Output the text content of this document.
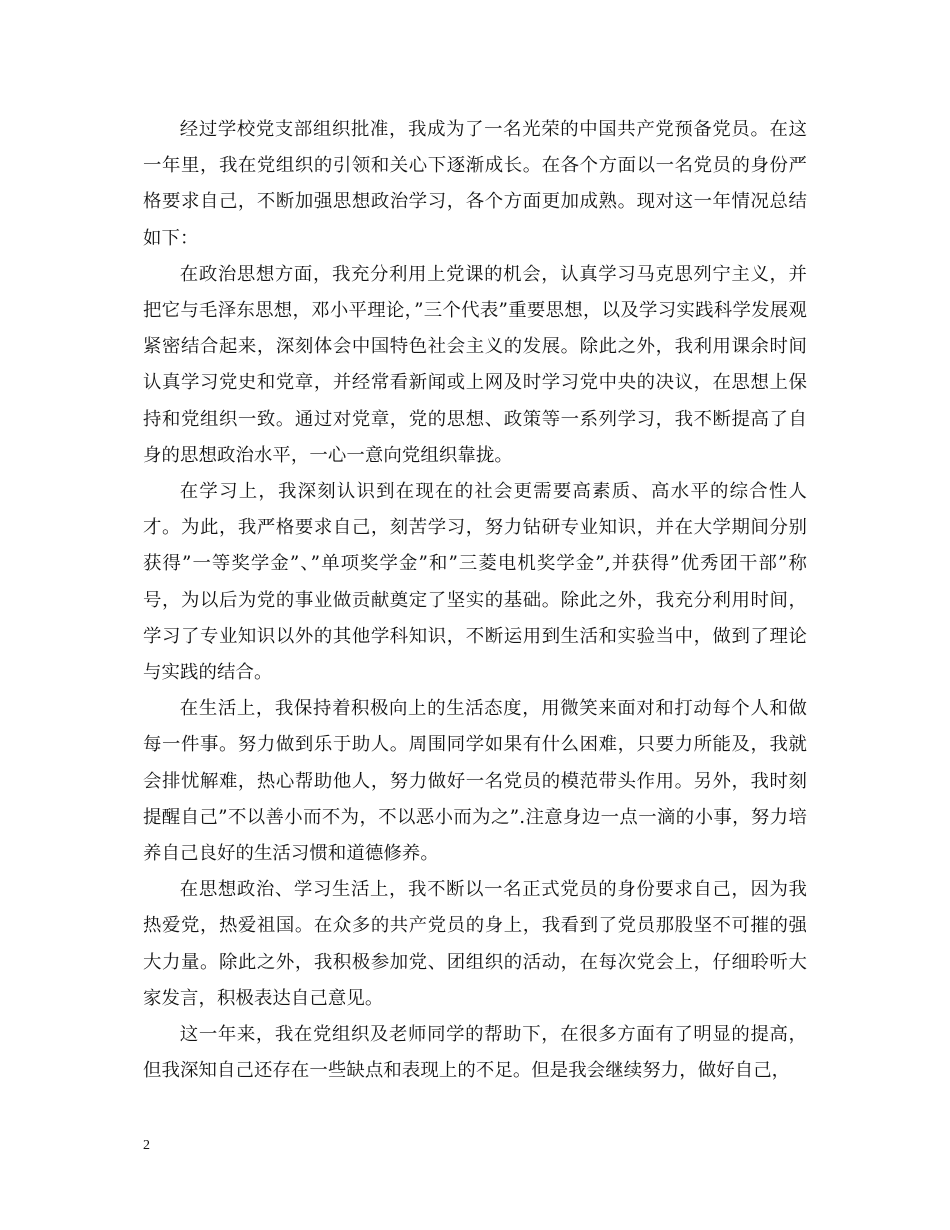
经过学校党支部组织批准，我成为了一名光荣的中国共产党预备党员。在这一年里，我在党组织的引领和关心下逐渐成长。在各个方面以一名党员的身份严格要求自己，不断加强思想政治学习，各个方面更加成熟。现对这一年情况总结如下：

在政治思想方面，我充分利用上党课的机会，认真学习马克思列宁主义，并把它与毛泽东思想，邓小平理论，”三个代表”重要思想，以及学习实践科学发展观紧密结合起来，深刻体会中国特色社会主义的发展。除此之外，我利用课余时间认真学习党史和党章，并经常看新闻或上网及时学习党中央的决议，在思想上保持和党组织一致。通过对党章，党的思想、政策等一系列学习，我不断提高了自身的思想政治水平，一心一意向党组织靠拢。

在学习上，我深刻认识到在现在的社会更需要高素质、高水平的综合性人才。为此，我严格要求自己，刻苦学习，努力钻研专业知识，并在大学期间分别获得”一等奖学金”、”单项奖学金”和”三菱电机奖学金”,并获得”优秀团干部”称号，为以后为党的事业做贡献奠定了坚实的基础。除此之外，我充分利用时间，学习了专业知识以外的其他学科知识，不断运用到生活和实验当中，做到了理论与实践的结合。

在生活上，我保持着积极向上的生活态度，用微笑来面对和打动每个人和做每一件事。努力做到乐于助人。周围同学如果有什么困难，只要力所能及，我就会排忧解难，热心帮助他人，努力做好一名党员的模范带头作用。另外，我时刻提醒自己”不以善小而不为，不以恶小而为之”.注意身边一点一滴的小事，努力培养自己良好的生活习惯和道德修养。

在思想政治、学习生活上，我不断以一名正式党员的身份要求自己，因为我热爱党，热爱祖国。在众多的共产党员的身上，我看到了党员那股坚不可摧的强大力量。除此之外，我积极参加党、团组织的活动，在每次党会上，仔细聆听大家发言，积极表达自己意见。

这一年来，我在党组织及老师同学的帮助下，在很多方面有了明显的提高，但我深知自己还存在一些缺点和表现上的不足。但是我会继续努力，做好自己，

2
